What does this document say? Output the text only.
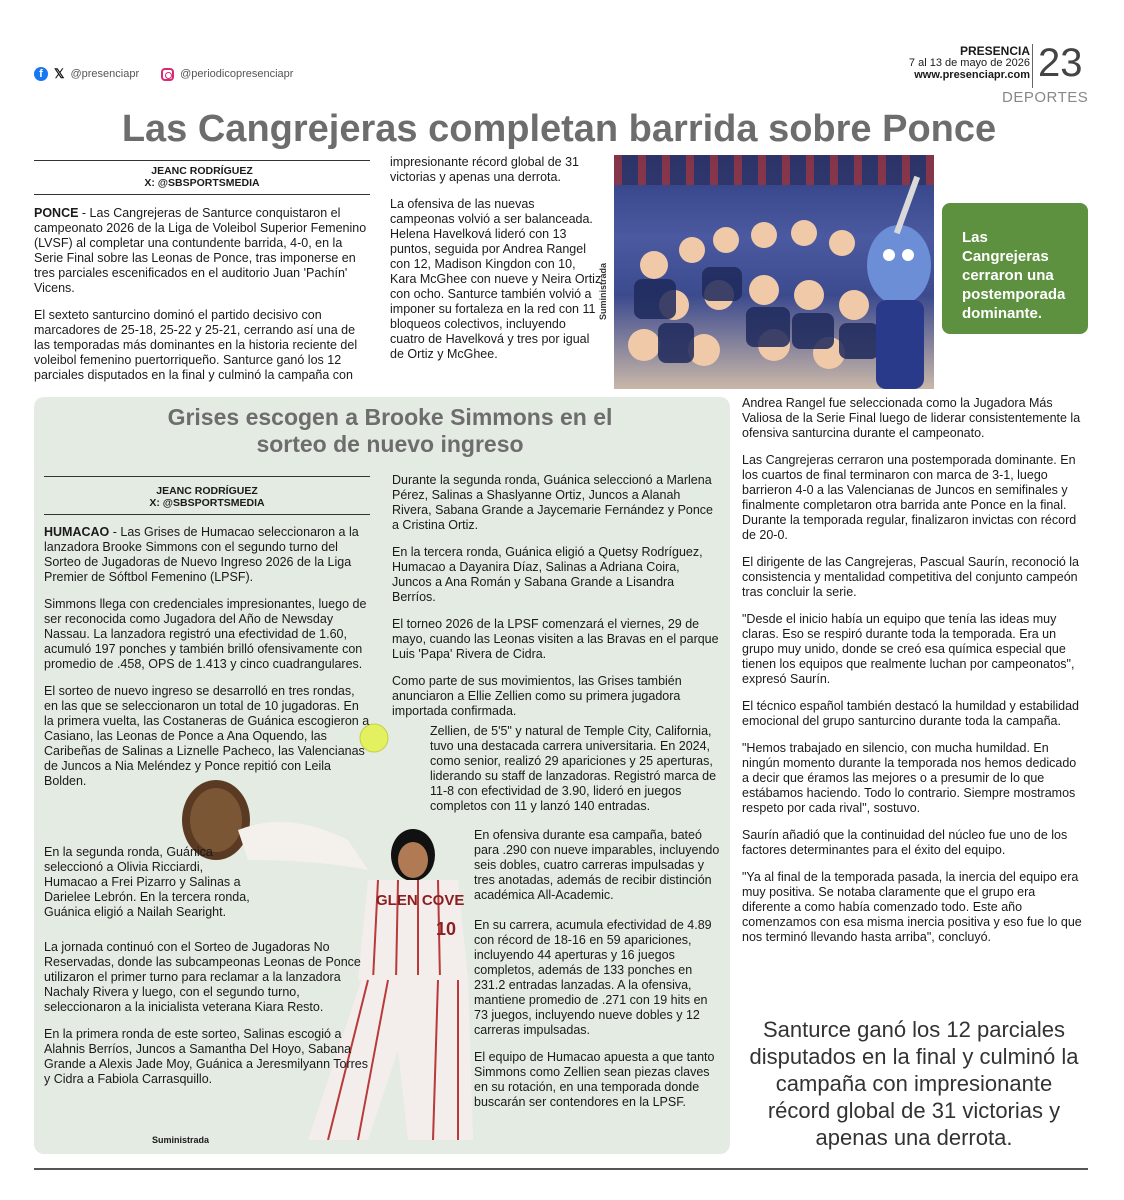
f 𝕏 @presenciapr	@periodicopresenciapr
PRESENCIA
7 al 13 de mayo de 2026
www.presenciapr.com 23
DEPORTES
Las Cangrejeras completan barrida sobre Ponce
JEANC RODRÍGUEZ
X: @SBSPORTSMEDIA

PONCE - Las Cangrejeras de Santurce conquistaron el campeonato 2026 de la Liga de Voleibol Superior Femenino (LVSF) al completar una contundente barrida, 4-0, en la Serie Final sobre las Leonas de Ponce, tras imponerse en tres parciales escenificados en el auditorio Juan 'Pachín' Vicens.

El sexteto santurcino dominó el partido decisivo con marcadores de 25-18, 25-22 y 25-21, cerrando así una de las temporadas más dominantes en la historia reciente del voleibol femenino puertorriqueño. Santurce ganó los 12 parciales disputados en la final y culminó la campaña con

impresionante récord global de 31 victorias y apenas una derrota.

La ofensiva de las nuevas campeonas volvió a ser balanceada. Helena Havelková lideró con 13 puntos, seguida por Andrea Rangel con 12, Madison Kingdon con 10, Kara McGhee con nueve y Neira Ortiz con ocho. Santurce también volvió a imponer su fortaleza en la red con 11 bloqueos colectivos, incluyendo cuatro de Havelková y tres por igual de Ortiz y McGhee.

Suministrada
Las Cangrejeras cerraron una postemporada dominante.
Grises escogen a Brooke Simmons en el sorteo de nuevo ingreso
JEANC RODRÍGUEZ
X: @SBSPORTSMEDIA
GLEN COVE
10
Suministrada

HUMACAO - Las Grises de Humacao seleccionaron a la lanzadora Brooke Simmons con el segundo turno del Sorteo de Jugadoras de Nuevo Ingreso 2026 de la Liga Premier de Sóftbol Femenino (LPSF).

Simmons llega con credenciales impresionantes, luego de ser reconocida como Jugadora del Año de Newsday Nassau. La lanzadora registró una efectividad de 1.60, acumuló 197 ponches y también brilló ofensivamente con promedio de .458, OPS de 1.413 y cinco cuadrangulares.

El sorteo de nuevo ingreso se desarrolló en tres rondas, en las que se seleccionaron un total de 10 jugadoras. En la primera vuelta, las Costaneras de Guánica escogieron a Casiano, las Leonas de Ponce a Ana Oquendo, las Caribeñas de Salinas a Liznelle Pacheco, las Valencianas de Juncos a Nia Meléndez y Ponce repitió con Leila Bolden.

En la segunda ronda, Guánica seleccionó a Olivia Ricciardi, Humacao a Frei Pizarro y Salinas a Darielee Lebrón. En la tercera ronda, Guánica eligió a Nailah Searight.

La jornada continuó con el Sorteo de Jugadoras No Reservadas, donde las subcampeonas Leonas de Ponce utilizaron el primer turno para reclamar a la lanzadora Nachaly Rivera y luego, con el segundo turno, seleccionaron a la inicialista veterana Kiara Resto.

En la primera ronda de este sorteo, Salinas escogió a Alahnis Berríos, Juncos a Samantha Del Hoyo, Sabana Grande a Alexis Jade Moy, Guánica a Jeresmilyann Torres y Cidra a Fabiola Carrasquillo.

Durante la segunda ronda, Guánica seleccionó a Marlena Pérez, Salinas a Shaslyanne Ortiz, Juncos a Alanah Rivera, Sabana Grande a Jaycemarie Fernández y Ponce a Cristina Ortiz.

En la tercera ronda, Guánica eligió a Quetsy Rodríguez, Humacao a Dayanira Díaz, Salinas a Adriana Coira, Juncos a Ana Román y Sabana Grande a Lisandra Berríos.

El torneo 2026 de la LPSF comenzará el viernes, 29 de mayo, cuando las Leonas visiten a las Bravas en el parque Luis 'Papa' Rivera de Cidra.

Como parte de sus movimientos, las Grises también anunciaron a Ellie Zellien como su primera jugadora importada confirmada.

Zellien, de 5'5" y natural de Temple City, California, tuvo una destacada carrera universitaria. En 2024, como senior, realizó 29 apariciones y 25 aperturas, liderando su staff de lanzadoras. Registró marca de 11-8 con efectividad de 3.90, lideró en juegos completos con 11 y lanzó 140 entradas.

En ofensiva durante esa campaña, bateó para .290 con nueve imparables, incluyendo seis dobles, cuatro carreras impulsadas y tres anotadas, además de recibir distinción académica All-Academic.

En su carrera, acumula efectividad de 4.89 con récord de 18-16 en 59 apariciones, incluyendo 44 aperturas y 16 juegos completos, además de 133 ponches en 231.2 entradas lanzadas. A la ofensiva, mantiene promedio de .271 con 19 hits en 73 juegos, incluyendo nueve dobles y 12 carreras impulsadas.

El equipo de Humacao apuesta a que tanto Simmons como Zellien sean piezas claves en su rotación, en una temporada donde buscarán ser contendores en la LPSF.

Andrea Rangel fue seleccionada como la Jugadora Más Valiosa de la Serie Final luego de liderar consistentemente la ofensiva santurcina durante el campeonato.

Las Cangrejeras cerraron una postemporada dominante. En los cuartos de final terminaron con marca de 3-1, luego barrieron 4-0 a las Valencianas de Juncos en semifinales y finalmente completaron otra barrida ante Ponce en la final. Durante la temporada regular, finalizaron invictas con récord de 20-0.

El dirigente de las Cangrejeras, Pascual Saurín, reconoció la consistencia y mentalidad competitiva del conjunto campeón tras concluir la serie.

"Desde el inicio había un equipo que tenía las ideas muy claras. Eso se respiró durante toda la temporada. Era un grupo muy unido, donde se creó esa química especial que tienen los equipos que realmente luchan por campeonatos", expresó Saurín.

El técnico español también destacó la humildad y estabilidad emocional del grupo santurcino durante toda la campaña.

"Hemos trabajado en silencio, con mucha humildad. En ningún momento durante la temporada nos hemos dedicado a decir que éramos las mejores o a presumir de lo que estábamos haciendo. Todo lo contrario. Siempre mostramos respeto por cada rival", sostuvo.

Saurín añadió que la continuidad del núcleo fue uno de los factores determinantes para el éxito del equipo.

"Ya al final de la temporada pasada, la inercia del equipo era muy positiva. Se notaba claramente que el grupo era diferente a como había comenzado todo. Este año comenzamos con esa misma inercia positiva y eso fue lo que nos terminó llevando hasta arriba", concluyó.

Santurce ganó los 12 parciales disputados en la final y culminó la campaña con impresionante récord global de 31 victorias y apenas una derrota.
